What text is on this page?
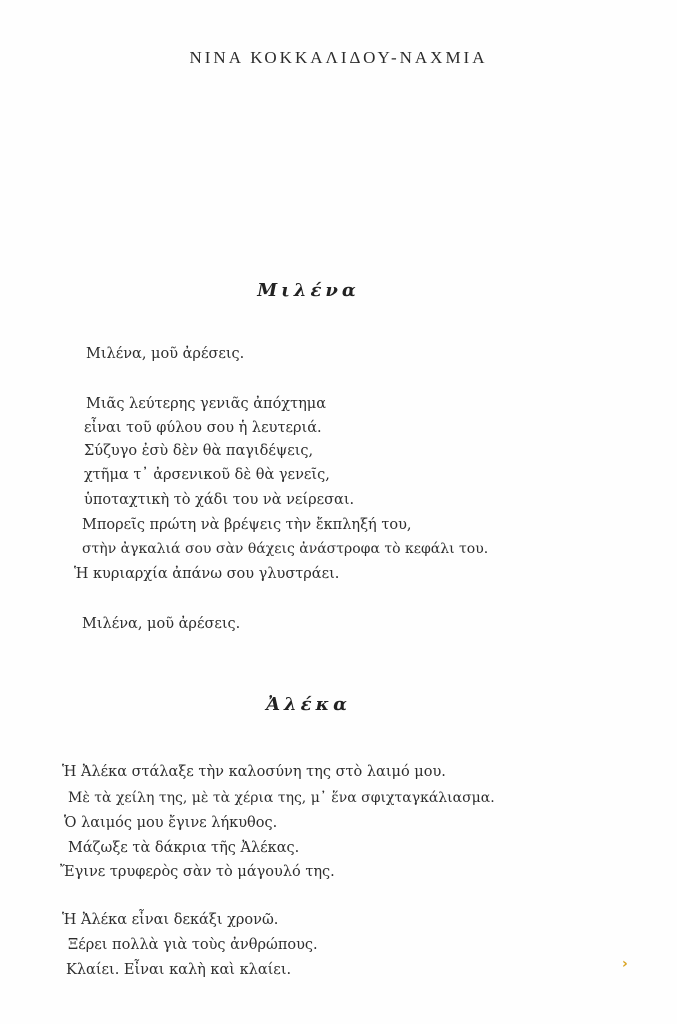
ΝΙΝΑ ΚΟΚΚΑΛΙΔΟΥ-ΝΑΧΜΙΑ
Μιλένα
Μιλένα, μοῦ ἀρέσεις.
Μιᾶς λεύτερης γενιᾶς ἀπόχτημα
εἶναι τοῦ φύλου σου ἡ λευτεριά.
Σύζυγο ἐσὺ δὲν θὰ παγιδέψεις,
χτῆμα τ᾽ ἀρσενικοῦ δὲ θὰ γενεῖς,
ὑποταχτικὴ τὸ χάδι του νὰ νείρεσαι.
Μπορεῖς πρώτη νὰ βρέψεις τὴν ἔκπληξή του,
στὴν ἀγκαλιά σου σὰν θάχεις ἀνάστροφα τὸ κεφάλι του.
Ἡ κυριαρχία ἀπάνω σου γλυστράει.
Μιλένα, μοῦ ἀρέσεις.
Ἀλέκα
Ἡ Ἀλέκα στάλαξε τὴν καλοσύνη της στὸ λαιμό μου.
Μὲ τὰ χείλη της, μὲ τὰ χέρια της, μ᾽ ἕνα σφιχταγκάλιασμα.
Ὁ λαιμός μου ἔγινε λήκυθος.
Μάζωξε τὰ δάκρια τῆς Ἀλέκας.
Ἔγινε τρυφερὸς σὰν τὸ μάγουλό της.
Ἡ Ἀλέκα εἶναι δεκάξι χρονῶ.
Ξέρει πολλὰ γιὰ τοὺς ἀνθρώπους.
Κλαίει. Εἶναι καλὴ καὶ κλαίει.	›
